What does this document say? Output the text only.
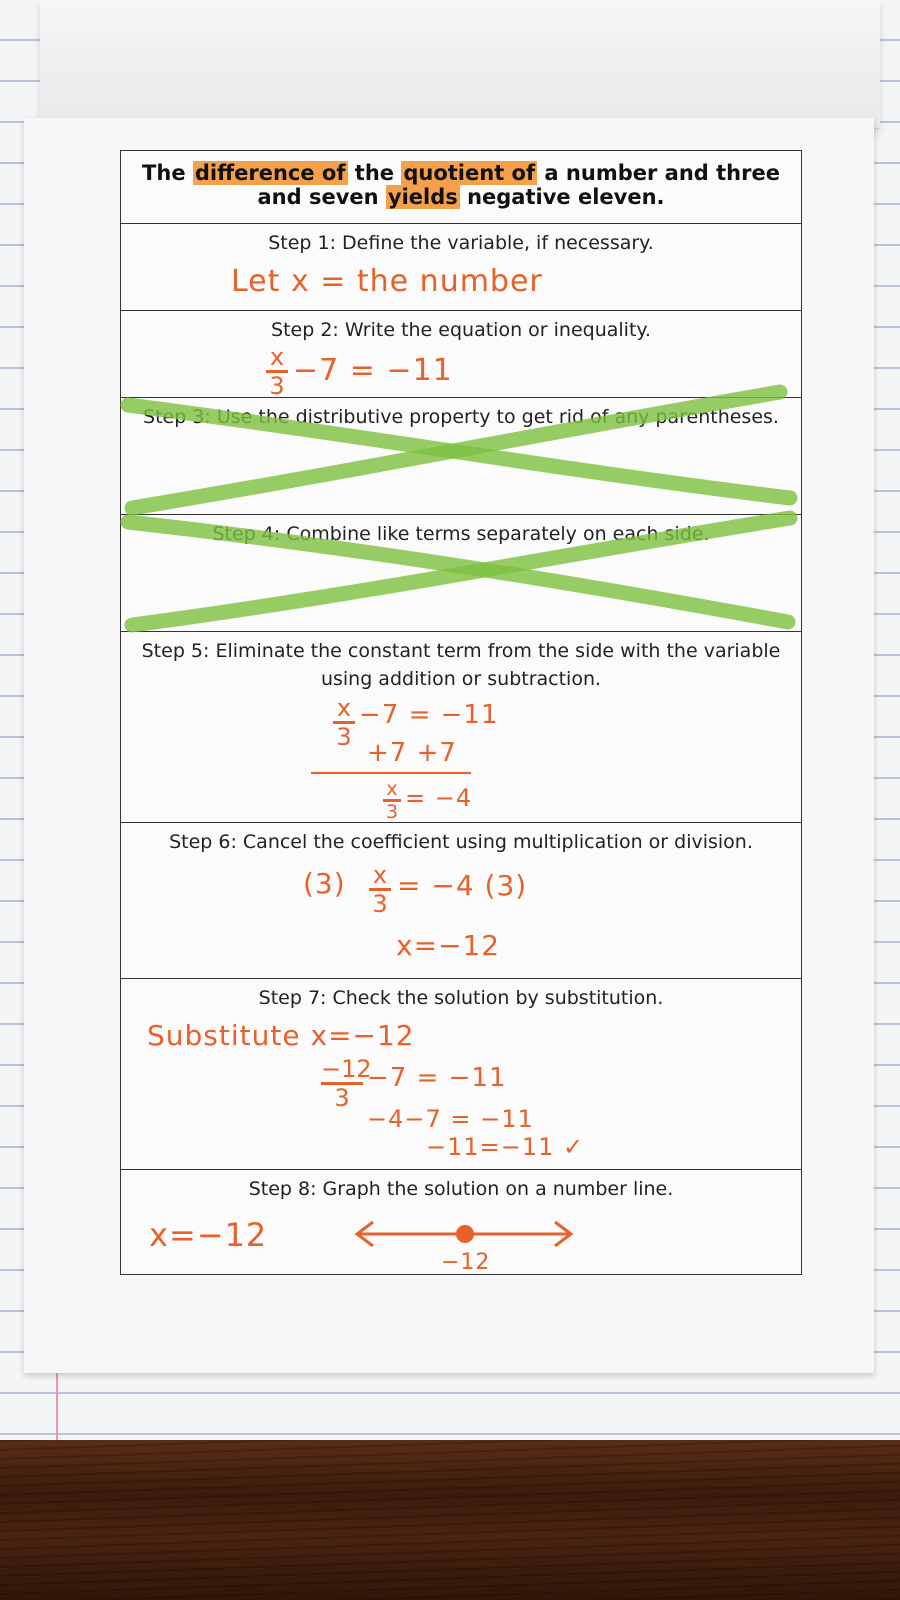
The difference of the quotient of a number and three and seven yields negative eleven.
Step 1: Define the variable, if necessary.
Let x = the number
Step 2: Write the equation or inequality.
x
3 −7 = −11
Step 3: Use the distributive property to get rid of any parentheses.
Step 4: Combine like terms separately on each side.
Step 5: Eliminate the constant term from the side with the variable using addition or subtraction.
x
3
−7 = −11
+7 +7
x
3 = −4
Step 6: Cancel the coefficient using multiplication or division.
(3) x
3
= −4 (3)
x=−12
Step 7: Check the solution by substitution.
Substitute x=−12
−12
3
−7 = −11
−4−7 = −11
−11=−11 ✓
Step 8: Graph the solution on a number line.
x=−12
−12
